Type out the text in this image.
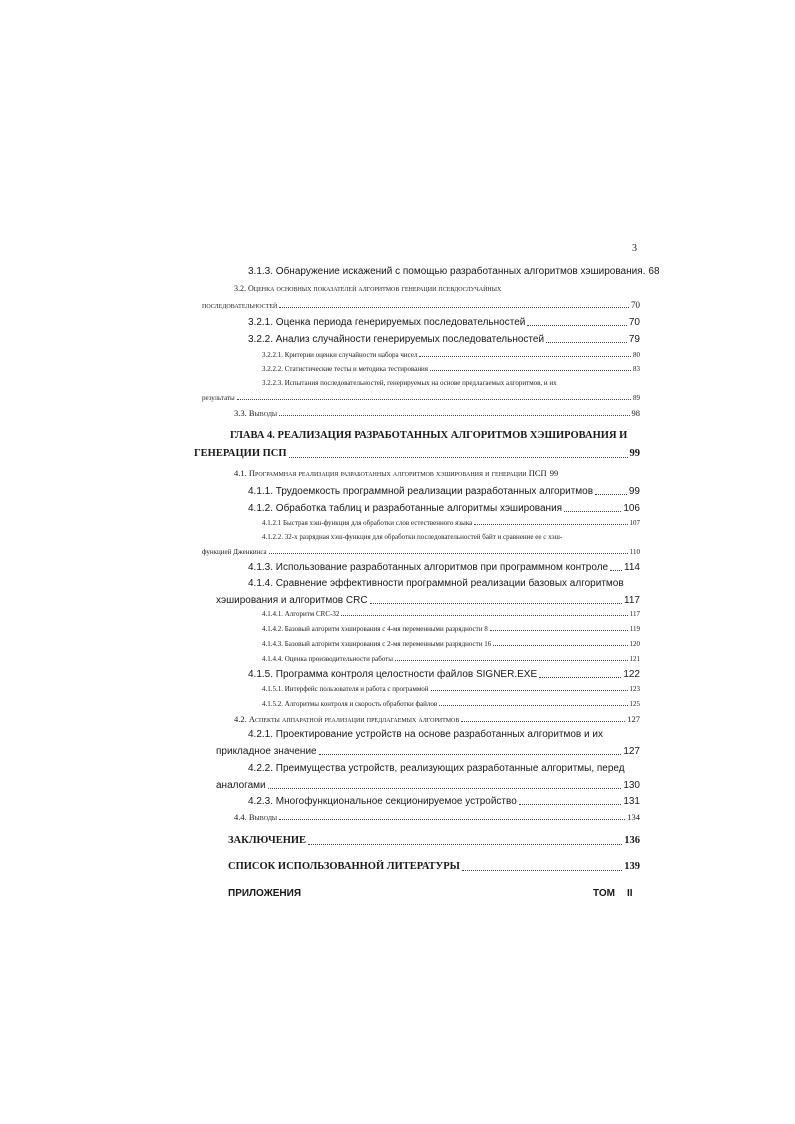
3
3.1.3. Обнаружение искажений с помощью разработанных алгоритмов хэширования. 68
3.2. Оценка основных показателей алгоритмов генерации псевдослучайных
последовательностей	70
3.2.1. Оценка периода генерируемых последовательностей	70
3.2.2. Анализ случайности генерируемых последовательностей	79
3.2.2.1. Критерии оценки случайности набора чисел	80
3.2.2.2. Статистические тесты и методика тестирования	83
3.2.2.3. Испытания последовательностей, генерируемых на основе предлагаемых алгоритмов, и их
результаты	89
3.3. Выводы	98
ГЛАВА 4. РЕАЛИЗАЦИЯ РАЗРАБОТАННЫХ АЛГОРИТМОВ ХЭШИРОВАНИЯ И
ГЕНЕРАЦИИ ПСП	99
4.1. Программная реализация разработанных алгоритмов хэширования и генерации ПСП 99
4.1.1. Трудоемкость программной реализации разработанных алгоритмов	99
4.1.2. Обработка таблиц и разработанные алгоритмы хэширования	106
4.1.2.1 Быстрая хэш-функция для обработки слов естественного языка	107
4.1.2.2. 32-х разрядная хэш-функция для обработки последовательностей байт и сравнение ее с хэш-
функцией Дженкинса	110
4.1.3. Использование разработанных алгоритмов при программном контроле 114
4.1.4. Сравнение эффективности программной реализации базовых алгоритмов
хэширования и алгоритмов CRC	117
4.1.4.1. Алгоритм CRC-32	117
4.1.4.2. Базовый алгоритм хэширования с 4-мя переменными разрядности 8	119
4.1.4.3. Базовый алгоритм хэширования с 2-мя переменными разрядности 16	120
4.1.4.4. Оценка производительности работы	121
4.1.5. Программа контроля целостности файлов SIGNER.EXE	122
4.1.5.1. Интерфейс пользователя и работа с программой	123
4.1.5.2. Алгоритмы контроля и скорость обработки файлов	125
4.2. Аспекты аппаратной реализации предлагаемых алгоритмов	127
4.2.1. Проектирование устройств на основе разработанных алгоритмов и их
прикладное значение	127
4.2.2. Преимущества устройств, реализующих разработанные алгоритмы, перед
аналогами	130
4.2.3. Многофункциональное секционируемое устройство	131
4.4. Выводы	134
ЗАКЛЮЧЕНИЕ	136
СПИСОК ИСПОЛЬЗОВАННОЙ ЛИТЕРАТУРЫ	139
ПРИЛОЖЕНИЯ	ТОМ II
